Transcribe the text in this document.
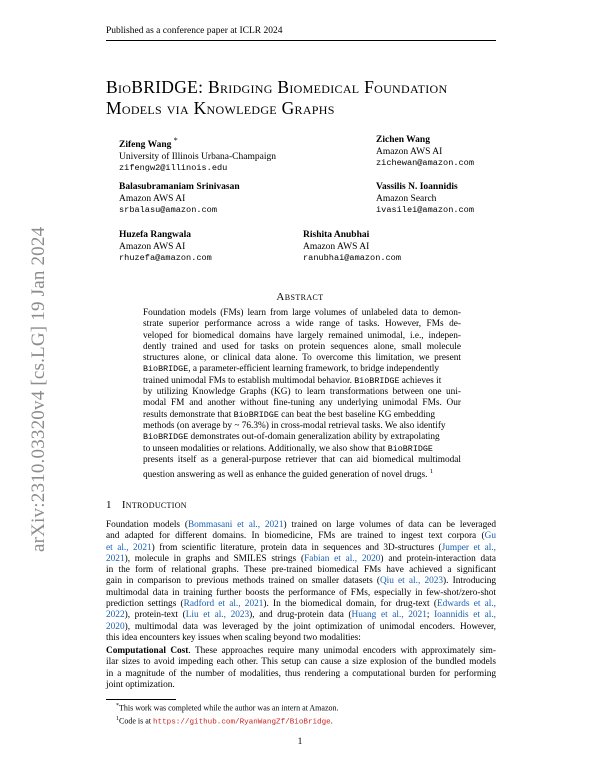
Published as a conference paper at ICLR 2024
arXiv:2310.03320v4 [cs.LG] 19 Jan 2024
BioBRIDGE: Bridging Biomedical Foundation
Models via Knowledge Graphs
Zifeng Wang *
University of Illinois Urbana-Champaign
zifengw2@illinois.edu
Zichen Wang
Amazon AWS AI
zichewan@amazon.com
Balasubramaniam Srinivasan
Amazon AWS AI
srbalasu@amazon.com
Vassilis N. Ioannidis
Amazon Search
ivasilei@amazon.com
Huzefa Rangwala
Amazon AWS AI
rhuzefa@amazon.com
Rishita Anubhai
Amazon AWS AI
ranubhai@amazon.com
Abstract
Foundation models (FMs) learn from large volumes of unlabeled data to demon-
strate superior performance across a wide range of tasks. However, FMs de-
veloped for biomedical domains have largely remained unimodal, i.e., indepen-
dently trained and used for tasks on protein sequences alone, small molecule
structures alone, or clinical data alone. To overcome this limitation, we present
BioBRIDGE, a parameter-efficient learning framework, to bridge independently
trained unimodal FMs to establish multimodal behavior. BioBRIDGE achieves it
by utilizing Knowledge Graphs (KG) to learn transformations between one uni-
modal FM and another without fine-tuning any underlying unimodal FMs. Our
results demonstrate that BioBRIDGE can beat the best baseline KG embedding
methods (on average by ~ 76.3%) in cross-modal retrieval tasks. We also identify
BioBRIDGE demonstrates out-of-domain generalization ability by extrapolating
to unseen modalities or relations. Additionally, we also show that BioBRIDGE
presents itself as a general-purpose retriever that can aid biomedical multimodal
question answering as well as enhance the guided generation of novel drugs. $^1$
1 Introduction
Foundation models (Bommasani et al., 2021) trained on large volumes of data can be leveraged
and adapted for different domains. In biomedicine, FMs are trained to ingest text corpora (Gu
et al., 2021) from scientific literature, protein data in sequences and 3D-structures (Jumper et al.,
2021), molecule in graphs and SMILES strings (Fabian et al., 2020) and protein-interaction data
in the form of relational graphs. These pre-trained biomedical FMs have achieved a significant
gain in comparison to previous methods trained on smaller datasets (Qiu et al., 2023). Introducing
multimodal data in training further boosts the performance of FMs, especially in few-shot/zero-shot
prediction settings (Radford et al., 2021). In the biomedical domain, for drug-text (Edwards et al.,
2022), protein-text (Liu et al., 2023), and drug-protein data (Huang et al., 2021; Ioannidis et al.,
2020), multimodal data was leveraged by the joint optimization of unimodal encoders. However,
this idea encounters key issues when scaling beyond two modalities:
Computational Cost. These approaches require many unimodal encoders with approximately sim-
ilar sizes to avoid impeding each other. This setup can cause a size explosion of the bundled models
in a magnitude of the number of modalities, thus rendering a computational burden for performing
joint optimization.
*This work was completed while the author was an intern at Amazon.
$^1$Code is at https://github.com/RyanWangZf/BioBridge.
1
